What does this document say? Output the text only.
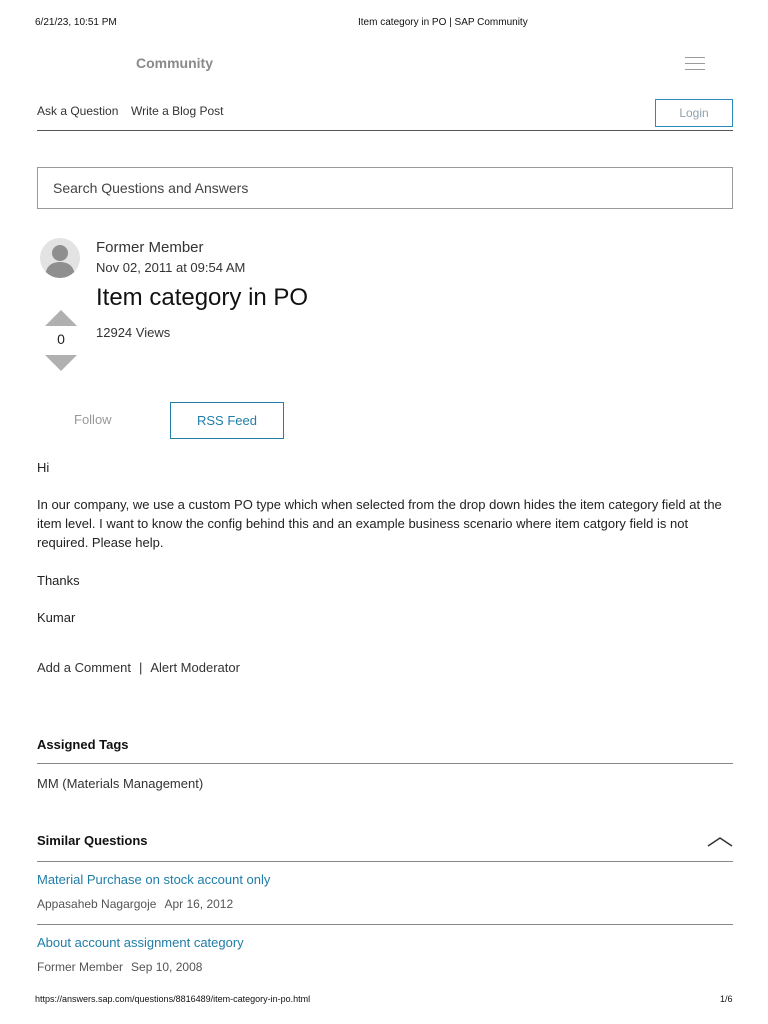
6/21/23, 10:51 PM	Item category in PO | SAP Community
Community
Ask a Question Write a Blog Post	Login
Search Questions and Answers
Former Member
Nov 02, 2011 at 09:54 AM
Item category in PO
12924 Views
0
Follow	RSS Feed
Hi
In our company, we use a custom PO type which when selected from the drop down hides the item category field at the item level. I want to know the config behind this and an example business scenario where item catgory field is not required. Please help.
Thanks
Kumar
Add a Comment | Alert Moderator
Assigned Tags
MM (Materials Management)
Similar Questions
Material Purchase on stock account only
Appasaheb Nagargoje Apr 16, 2012
About account assignment category
Former Member Sep 10, 2008
https://answers.sap.com/questions/8816489/item-category-in-po.html	1/6
